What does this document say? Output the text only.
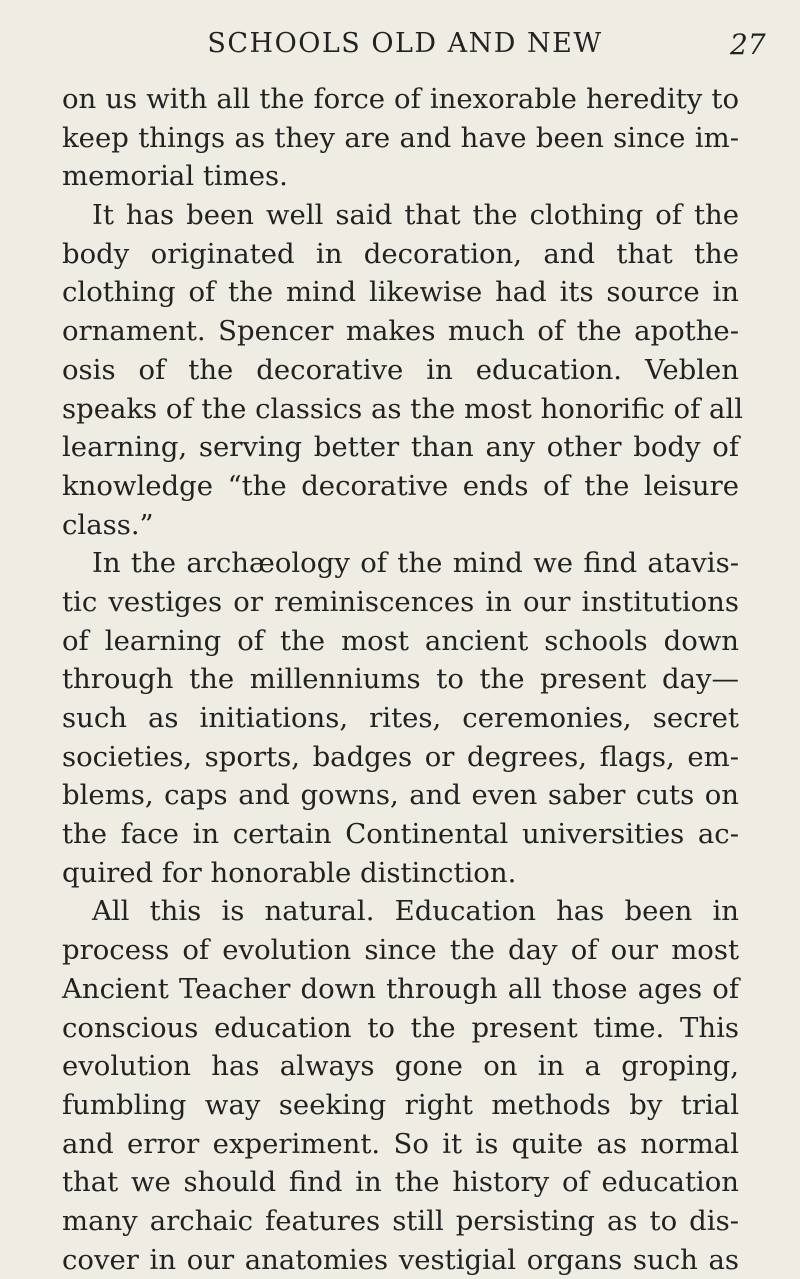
SCHOOLS OLD AND NEW	27
on us with all the force of inexorable heredity to
keep things as they are and have been since im-
memorial times.
It has been well said that the clothing of the
body originated in decoration, and that the
clothing of the mind likewise had its source in
ornament. Spencer makes much of the apothe-
osis of the decorative in education. Veblen
speaks of the classics as the most honorific of all
learning, serving better than any other body of
knowledge “the decorative ends of the leisure
class.”
In the archæology of the mind we find atavis-
tic vestiges or reminiscences in our institutions
of learning of the most ancient schools down
through the millenniums to the present day—
such as initiations, rites, ceremonies, secret
societies, sports, badges or degrees, flags, em-
blems, caps and gowns, and even saber cuts on
the face in certain Continental universities ac-
quired for honorable distinction.
All this is natural. Education has been in
process of evolution since the day of our most
Ancient Teacher down through all those ages of
conscious education to the present time. This
evolution has always gone on in a groping,
fumbling way seeking right methods by trial
and error experiment. So it is quite as normal
that we should find in the history of education
many archaic features still persisting as to dis-
cover in our anatomies vestigial organs such as
